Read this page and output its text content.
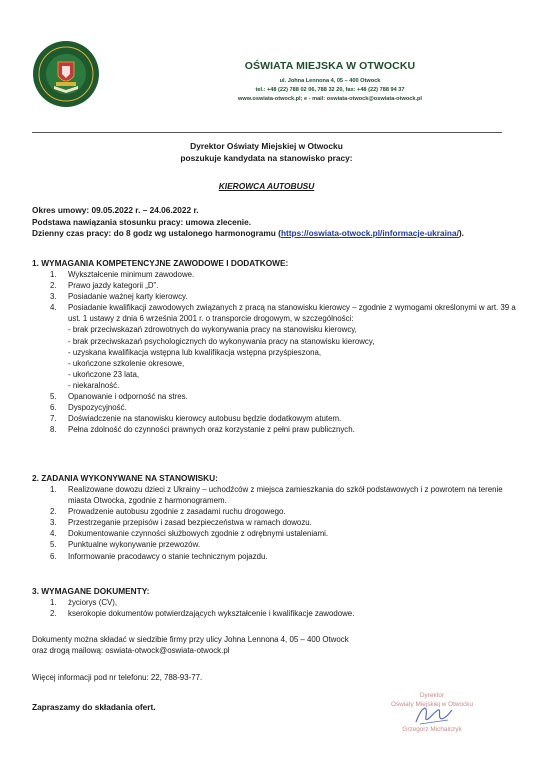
OŚWIATA MIEJSKA W OTWOCKU
ul. Johna Lennona 4, 05 – 400 Otwock
tel.: +48 (22) 788 02 06, 788 32 20, fax: +48 (22) 788 94 37
www.oswiata-otwock.pl; e - mail: oswiata-otwock@oswiata-otwock.pl
Dyrektor Oświaty Miejskiej w Otwocku
poszukuje kandydata na stanowisko pracy:
KIEROWCA AUTOBUSU
Okres umowy: 09.05.2022 r. – 24.06.2022 r.
Podstawa nawiązania stosunku pracy: umowa zlecenie.
Dzienny czas pracy: do 8 godz wg ustalonego harmonogramu (https://oswiata-otwock.pl/informacje-ukraina/).
1. WYMAGANIA KOMPETENCYJNE ZAWODOWE I DODATKOWE:
1. Wykształcenie minimum zawodowe.
2. Prawo jazdy kategorii „D”.
3. Posiadanie ważnej karty kierowcy.
4. Posiadanie kwalifikacji zawodowych związanych z pracą na stanowisku kierowcy – zgodnie z wymogami określonymi w art. 39 a ust. 1 ustawy z dnia 6 września 2001 r. o transporcie drogowym, w szczególności:
- brak przeciwskazań zdrowotnych do wykonywania pracy na stanowisku kierowcy,
- brak przeciwskazań psychologicznych do wykonywania pracy na stanowisku kierowcy,
- uzyskana kwalifikacja wstępna lub kwalifikacja wstępna przyśpieszona,
- ukończone szkolenie okresowe,
- ukończone 23 lata,
- niekaralność.
5. Opanowanie i odporność na stres.
6. Dyspozycyjność.
7. Doświadczenie na stanowisku kierowcy autobusu będzie dodatkowym atutem.
8. Pełna zdolność do czynności prawnych oraz korzystanie z pełni praw publicznych.
2. ZADANIA WYKONYWANE NA STANOWISKU:
1. Realizowane dowozu dzieci z Ukrainy – uchodźców z miejsca zamieszkania do szkół podstawowych i z powrotem na terenie miasta Otwocka, zgodnie z harmonogramem.
2. Prowadzenie autobusu zgodnie z zasadami ruchu drogowego.
3. Przestrzeganie przepisów i zasad bezpieczeństwa w ramach dowozu.
4. Dokumentowanie czynności służbowych zgodnie z odrębnymi ustaleniami.
5. Punktualne wykonywanie przewozów.
6. Informowanie pracodawcy o stanie technicznym pojazdu.
3. WYMAGANE DOKUMENTY:
1. życiorys (CV),
2. kserokopie dokumentów potwierdzających wykształcenie i kwalifikacje zawodowe.
Dokumenty można składać w siedzibie firmy przy ulicy Johna Lennona 4, 05 – 400 Otwock
oraz drogą mailową: oswiata-otwock@oswiata-otwock.pl
Więcej informacji pod nr telefonu: 22, 788-93-77.
Zapraszamy do składania ofert.
Dyrektor
Oświaty Miejskiej w Otwocku
Grzegorz Michalczyk
